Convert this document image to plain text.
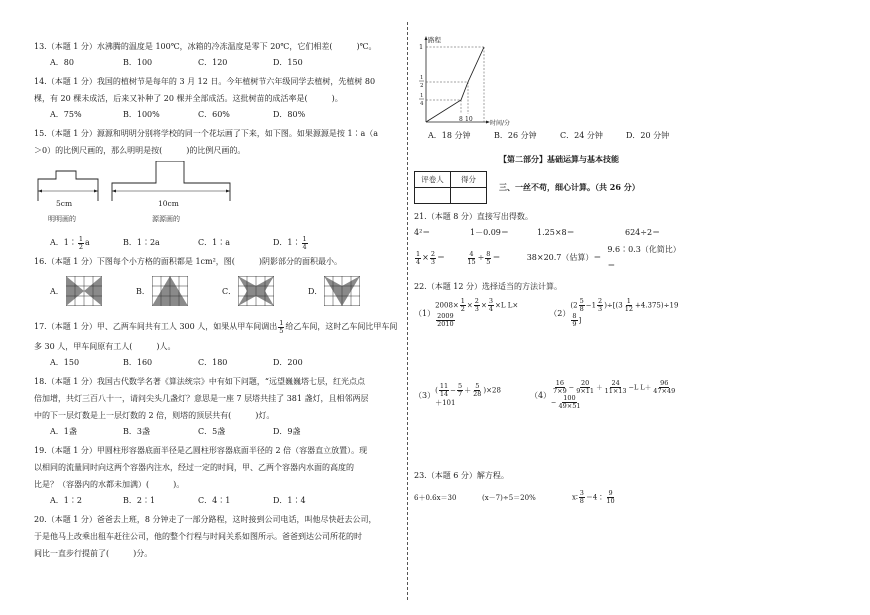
13.（本题 1 分）水沸腾的温度是 100℃，冰箱的冷冻温度是零下 20℃，它们相差(　　　)℃。
A．80	B．100	C．120	D．150
14.（本题 1 分）我国的植树节是每年的 3 月 12 日。今年植树节六年级同学去植树，先植树 80
棵，有 20 棵未成活，后来又补种了 20 棵并全部成活。这批树苗的成活率是(　　　)。
A．75%	B．100%	C．60%	D．80%
15.（本题 1 分）源源和明明分别将学校的同一个花坛画了下来，如下图。如果源源是按 1∶a（a
＞0）的比例尺画的，那么明明是按(　　　)的比例尺画的。
5cm
明明画的
10cm
源源画的
A．1∶ $\frac{1}{2}$ a	B．1∶2a	C．1∶a	D．1∶ $\frac{1}{4}$
16.（本题 1 分）下图每个小方格的面积都是 1cm²，图(　　　)阴影部分的面积最小。
A．	B．	C．	D．
17.（本题 1 分）甲、乙两车间共有工人 300 人，如果从甲车间调出 $\frac{1}{5}$ 给乙车间，这时乙车间比甲车间
多 30 人，甲车间原有工人(　　　)人。
A．150	B．160	C．180	D．200
18.（本题 1 分）我国古代数学名著《算法统宗》中有如下问题，“远望巍巍塔七层，红光点点
倍加增，共灯三百八十一，请问尖头几盏灯？意思是一座 7 层塔共挂了 381 盏灯，且相邻两层
中的下一层灯数是上一层灯数的 2 倍，则塔的顶层共有(　　　)灯。
A．1盏	B．3盏	C．5盏	D．9盏
19.（本题 1 分）甲圆柱形容器底面半径是乙圆柱形容器底面半径的 2 倍（容器直立放置）。现
以相同的流量同时向这两个容器内注水，经过一定的时间，甲、乙两个容器内水面的高度的
比是？（容器内的水都未加满）(　　　)。
A．1∶2	B．2∶1	C．4∶1	D．1∶4
20.（本题 1 分）爸爸去上班，8 分钟走了一部分路程，这时接到公司电话，叫他尽快赶去公司，
于是他马上改乘出租车赶往公司，他的整个行程与时间关系如图所示。爸爸到达公司所花的时
间比一直步行提前了(　　　)分。
路程
时间/分
1
1
2
1
4
8 10
A．18 分钟	B．26 分钟	C．24 分钟	D．20 分钟
【第二部分】基础运算与基本技能
评卷人	得分

三、一丝不苟，细心计算。（共 26 分）
21.（本题 8 分）直接写出得数。
4²＝	1－0.09＝	1.25×8＝	624÷2＝
$\frac{1}{4} \times \frac{2}{3}$ ＝	$\frac{4}{15} \div \frac{8}{5}$ ＝	38×20.7（估算）＝
9.6∶0.3（化简比）＝
22.（本题 12 分）选择适当的方法计算。
（1）
$2008\times \frac{1}{2} \times \frac{2}{3} \times \frac{3}{4} \times L$ L×
$\frac{2009}{2010}$	（2）
$(2 \frac{5}{8} -1 \frac{2}{3} )\div[(3 \frac{1}{12} +4.375)\div 19$
$\frac{8}{9}$ ]
（3）
( $\frac{11}{14} - \frac{5}{7} + \frac{5}{28} )\times 28+101$
$(4) \frac{16}{7\times 9} - \frac{20}{9\times 11} + \frac{24}{11\times 13} -L$ $L+ \frac{96}{47\times 49}$
− $\frac{100}{49\times 51}$
23.（本题 6 分）解方程。
6＋0.6x＝30	(x－7)÷5＝20%	x∶ $\frac{3}{8}$ ＝4∶ $\frac{9}{10}$
